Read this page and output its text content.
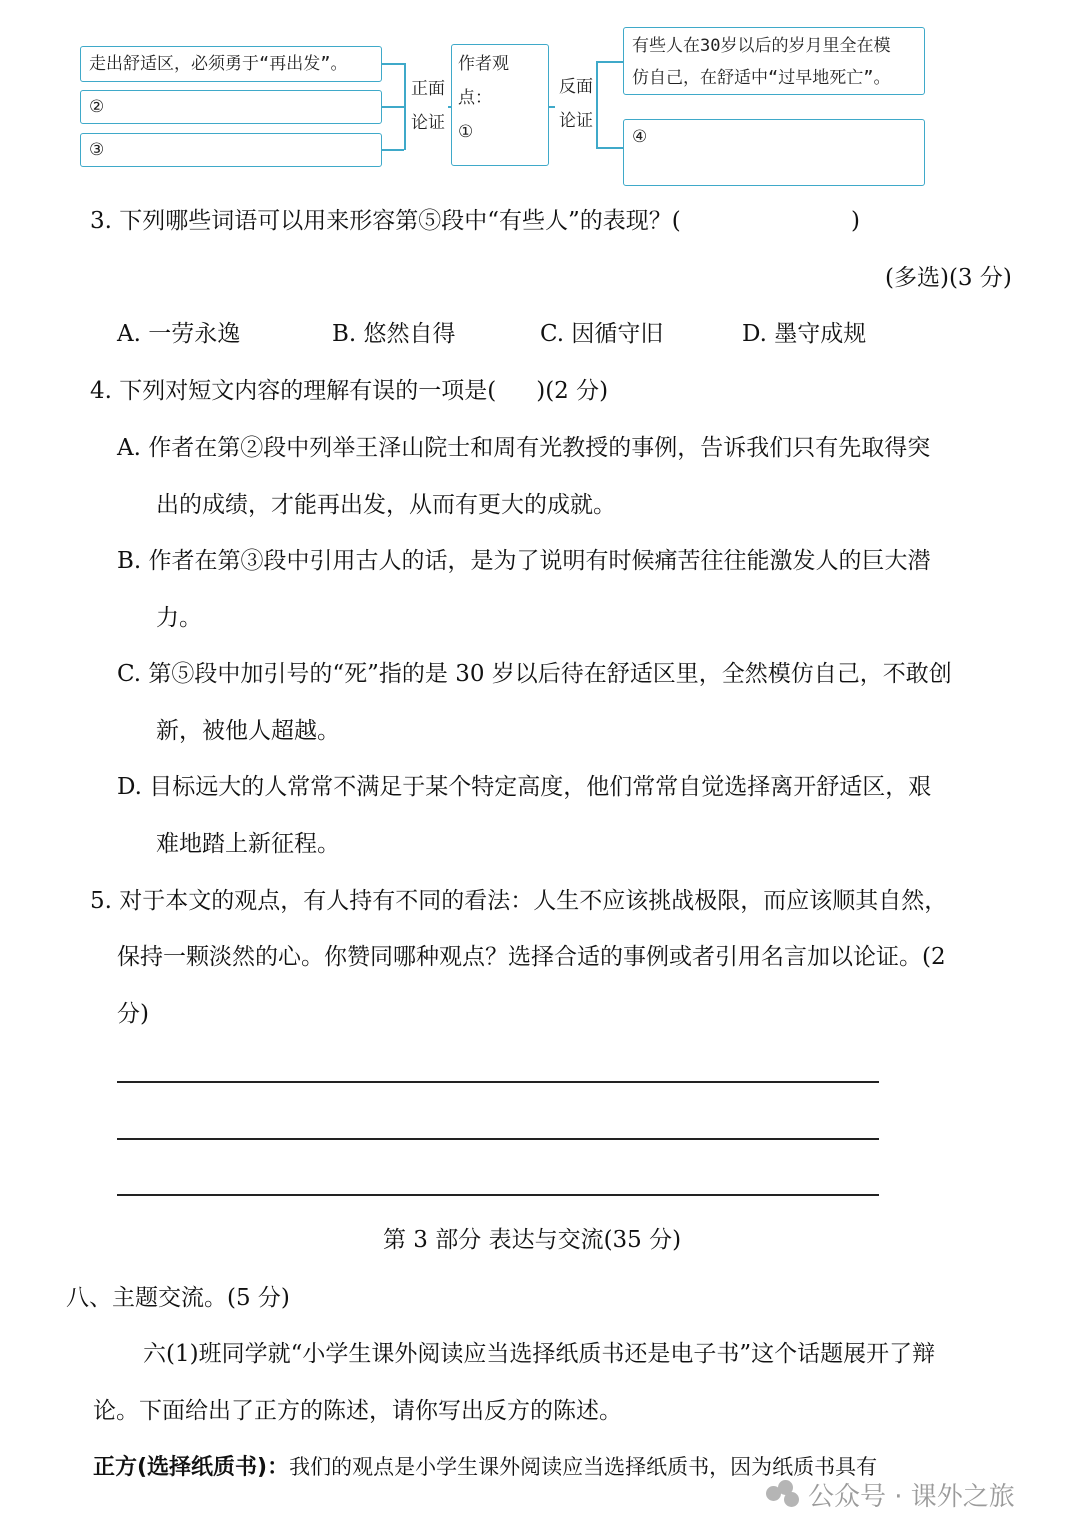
走出舒适区，必须勇于“再出发”。
②
③
正面
论证
作者观点：
①
反面
论证
有些人在30岁以后的岁月里全在模
仿自己，在舒适中“过早地死亡”。
④
3. 下列哪些词语可以用来形容第⑤段中“有些人”的表现？(	)
(多选)(3 分)
A. 一劳永逸	B. 悠然自得	C. 因循守旧	D. 墨守成规
4. 下列对短文内容的理解有误的一项是( )(2 分)
A. 作者在第②段中列举王泽山院士和周有光教授的事例，告诉我们只有先取得突
出的成绩，才能再出发，从而有更大的成就。
B. 作者在第③段中引用古人的话，是为了说明有时候痛苦往往能激发人的巨大潜
力。
C. 第⑤段中加引号的“死”指的是 30 岁以后待在舒适区里，全然模仿自己，不敢创
新，被他人超越。
D. 目标远大的人常常不满足于某个特定高度，他们常常自觉选择离开舒适区，艰
难地踏上新征程。
5. 对于本文的观点，有人持有不同的看法：人生不应该挑战极限，而应该顺其自然，
保持一颗淡然的心。你赞同哪种观点？选择合适的事例或者引用名言加以论证。(2
分)
第 3 部分 表达与交流(35 分)
八、主题交流。(5 分)
六(1)班同学就“小学生课外阅读应当选择纸质书还是电子书”这个话题展开了辩
论。下面给出了正方的陈述，请你写出反方的陈述。
正方(选择纸质书)：我们的观点是小学生课外阅读应当选择纸质书，因为纸质书具有
公众号 · 课外之旅
